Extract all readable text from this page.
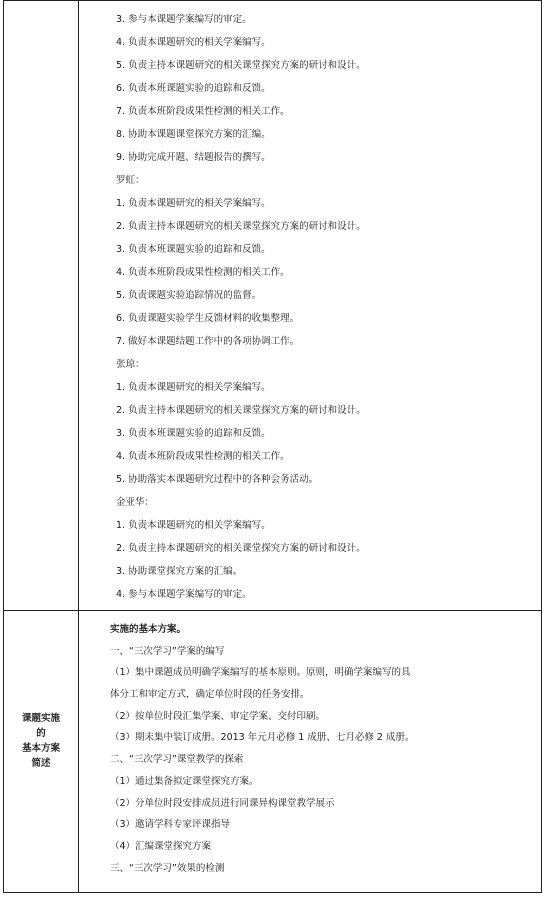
3. 参与本课题学案编写的审定。
4. 负责本课题研究的相关学案编写。
5. 负责主持本课题研究的相关课堂探究方案的研讨和设计。
6. 负责本班课题实验的追踪和反馈。
7. 负责本班阶段成果性检测的相关工作。
8. 协助本课题课堂探究方案的汇编。
9. 协助完成开题、结题报告的撰写。
罗虹：
1. 负责本课题研究的相关学案编写。
2. 负责主持本课题研究的相关课堂探究方案的研讨和设计。
3. 负责本班课题实验的追踪和反馈。
4. 负责本班阶段成果性检测的相关工作。
5. 负责课题实验追踪情况的监督。
6. 负责课题实验学生反馈材料的收集整理。
7. 做好本课题结题工作中的各项协调工作。
张琼：
1. 负责本课题研究的相关学案编写。
2. 负责主持本课题研究的相关课堂探究方案的研讨和设计。
3. 负责本班课题实验的追踪和反馈。
4. 负责本班阶段成果性检测的相关工作。
5. 协助落实本课题研究过程中的各种会务活动。
金亚华：
1. 负责本课题研究的相关学案编写。
2. 负责主持本课题研究的相关课堂探究方案的研讨和设计。
3. 协助课堂探究方案的汇编。
4. 参与本课题学案编写的审定。
课题实施
的
基本方案
简述
实施的基本方案。
一、“三次学习”学案的编写
（1）集中课题成员明确学案编写的基本原则。原则，明确学案编写的具
体分工和审定方式，确定单位时段的任务安排。
（2）按单位时段汇集学案、审定学案、交付印刷。
（3）期末集中装订成册。2013 年元月必修 1 成册、七月必修 2 成册。
二、“三次学习”课堂教学的探索
（1）通过集备拟定课堂探究方案。
（2）分单位时段安排成员进行同课异构课堂教学展示
（3）邀请学科专家评课指导
（4）汇编课堂探究方案
三、“三次学习”效果的检测
